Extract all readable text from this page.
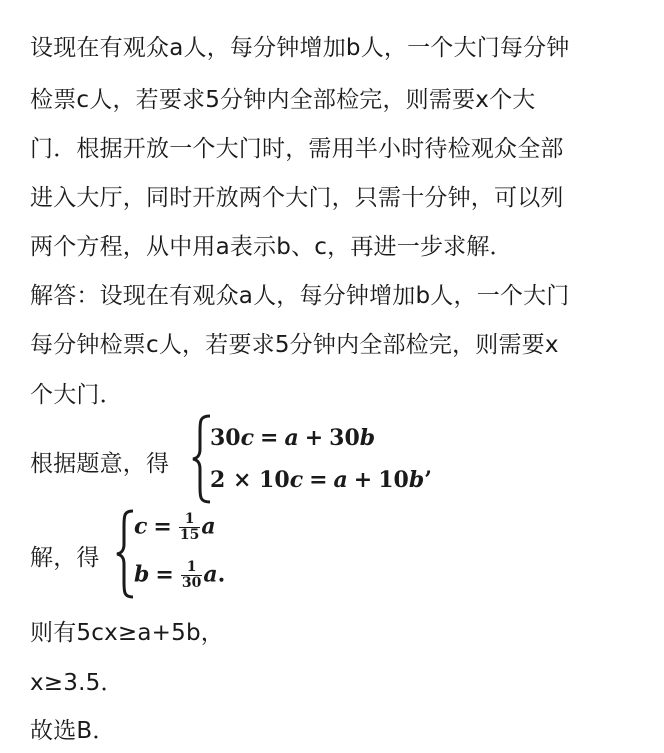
设现在有观众a人，每分钟增加b人，一个大门每分钟
检票c人，若要求5分钟内全部检完，则需要x个大
门．根据开放一个大门时，需用半小时待检观众全部
进入大厅，同时开放两个大门，只需十分钟，可以列
两个方程，从中用a表示b、c，再进一步求解．
解答：设现在有观众a人，每分钟增加b人，一个大门
每分钟检票c人，若要求5分钟内全部检完，则需要x
个大门．
根据题意，得
30c = a + 30b
2 × 10c = a + 10b’
解，得
$c = \frac{1}{15}$ a
$b = \frac{1}{30} a$.
则有5cx≥a+5b，
x≥3.5．
故选B．
